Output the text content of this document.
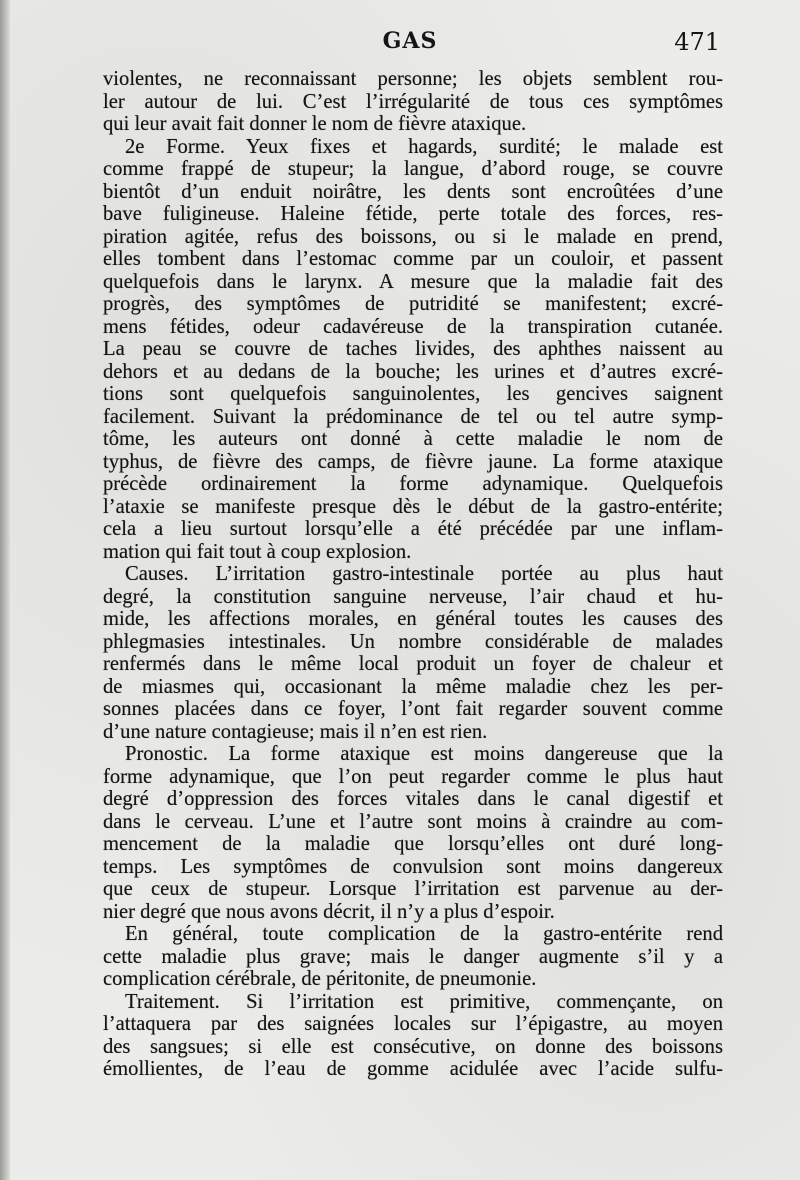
GAS	471
violentes, ne reconnaissant personne; les objets semblent rou-
ler autour de lui. C’est l’irrégularité de tous ces symptômes
qui leur avait fait donner le nom de fièvre ataxique.
2e Forme. Yeux fixes et hagards, surdité; le malade est
comme frappé de stupeur; la langue, d’abord rouge, se couvre
bientôt d’un enduit noirâtre, les dents sont encroûtées d’une
bave fuligineuse. Haleine fétide, perte totale des forces, res-
piration agitée, refus des boissons, ou si le malade en prend,
elles tombent dans l’estomac comme par un couloir, et passent
quelquefois dans le larynx. A mesure que la maladie fait des
progrès, des symptômes de putridité se manifestent; excré-
mens fétides, odeur cadavéreuse de la transpiration cutanée.
La peau se couvre de taches livides, des aphthes naissent au
dehors et au dedans de la bouche; les urines et d’autres excré-
tions sont quelquefois sanguinolentes, les gencives saignent
facilement. Suivant la prédominance de tel ou tel autre symp-
tôme, les auteurs ont donné à cette maladie le nom de
typhus, de fièvre des camps, de fièvre jaune. La forme ataxique
précède ordinairement la forme adynamique. Quelquefois
l’ataxie se manifeste presque dès le début de la gastro-entérite;
cela a lieu surtout lorsqu’elle a été précédée par une inflam-
mation qui fait tout à coup explosion.
Causes. L’irritation gastro-intestinale portée au plus haut
degré, la constitution sanguine nerveuse, l’air chaud et hu-
mide, les affections morales, en général toutes les causes des
phlegmasies intestinales. Un nombre considérable de malades
renfermés dans le même local produit un foyer de chaleur et
de miasmes qui, occasionant la même maladie chez les per-
sonnes placées dans ce foyer, l’ont fait regarder souvent comme
d’une nature contagieuse; mais il n’en est rien.
Pronostic. La forme ataxique est moins dangereuse que la
forme adynamique, que l’on peut regarder comme le plus haut
degré d’oppression des forces vitales dans le canal digestif et
dans le cerveau. L’une et l’autre sont moins à craindre au com-
mencement de la maladie que lorsqu’elles ont duré long-
temps. Les symptômes de convulsion sont moins dangereux
que ceux de stupeur. Lorsque l’irritation est parvenue au der-
nier degré que nous avons décrit, il n’y a plus d’espoir.
En général, toute complication de la gastro-entérite rend
cette maladie plus grave; mais le danger augmente s’il y a
complication cérébrale, de péritonite, de pneumonie.
Traitement. Si l’irritation est primitive, commençante, on
l’attaquera par des saignées locales sur l’épigastre, au moyen
des sangsues; si elle est consécutive, on donne des boissons
émollientes, de l’eau de gomme acidulée avec l’acide sulfu-
